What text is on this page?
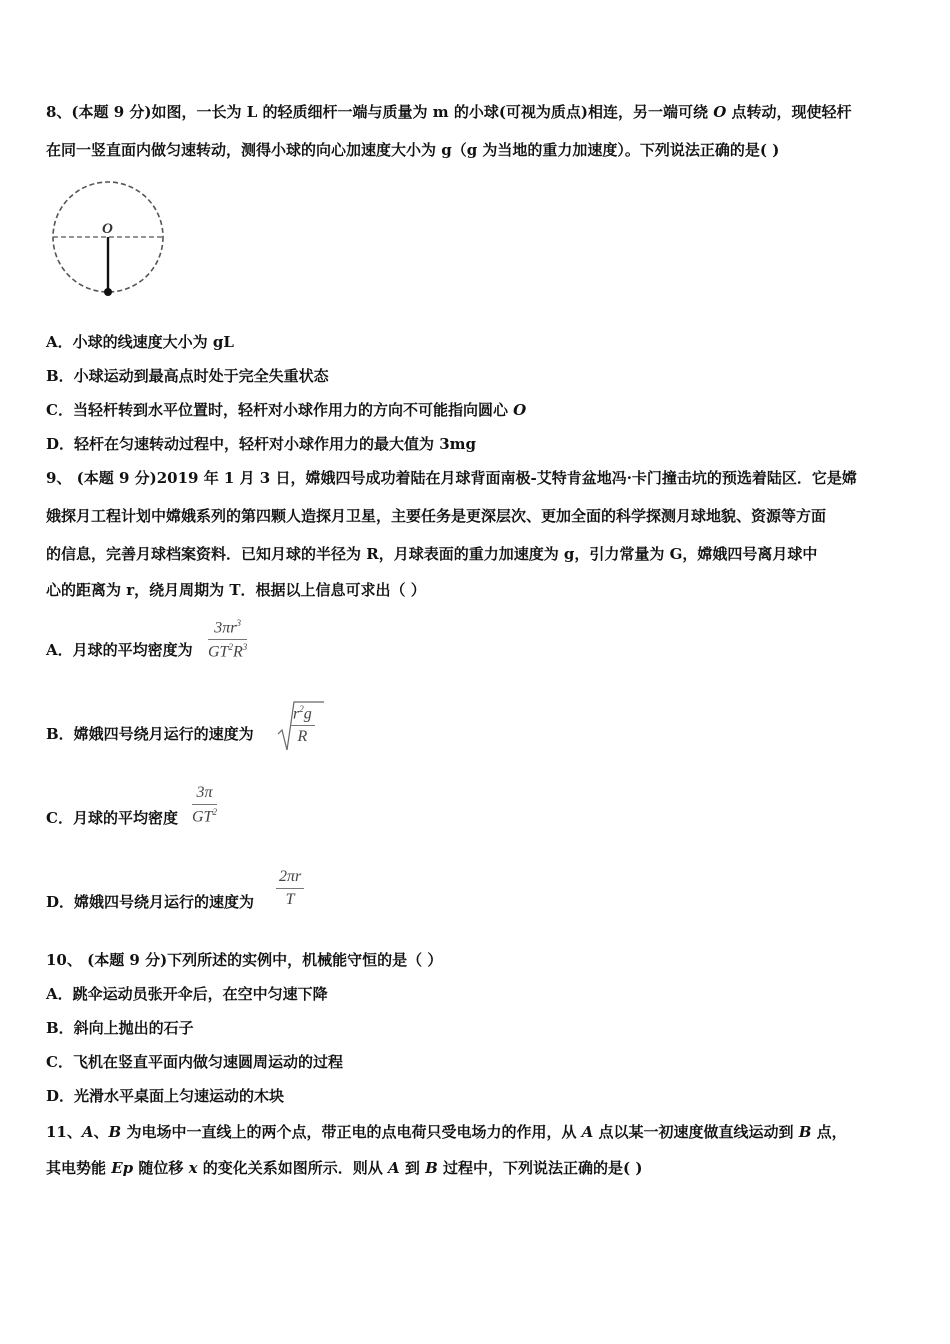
8、(本题 9 分)如图，一长为 L 的轻质细杆一端与质量为 m 的小球(可视为质点)相连，另一端可绕 O 点转动，现使轻杆
在同一竖直面内做匀速转动，测得小球的向心加速度大小为 g（g 为当地的重力加速度）。下列说法正确的是( )
O
A．小球的线速度大小为 gL
B．小球运动到最高点时处于完全失重状态
C．当轻杆转到水平位置时，轻杆对小球作用力的方向不可能指向圆心 O
D．轻杆在匀速转动过程中，轻杆对小球作用力的最大值为 3mg
9、 (本题 9 分)2019 年 1 月 3 日，嫦娥四号成功着陆在月球背面南极-艾特肯盆地冯·卡门撞击坑的预选着陆区．它是嫦
娥探月工程计划中嫦娥系列的第四颗人造探月卫星，主要任务是更深层次、更加全面的科学探测月球地貌、资源等方面
的信息，完善月球档案资料．已知月球的半径为 R，月球表面的重力加速度为 g，引力常量为 G，嫦娥四号离月球中
心的距离为 r，绕月周期为 T．根据以上信息可求出（ ）
A．月球的平均密度为 $\frac{3\pi r^3}{GT^2R^3}$
B．嫦娥四号绕月运行的速度为 $\frac{r^2g}{R}$
C．月球的平均密度 $\frac{3\pi}{GT^2}$
D．嫦娥四号绕月运行的速度为 $\frac{2\pi r}{T}$
10、 (本题 9 分)下列所述的实例中，机械能守恒的是（ ）
A．跳伞运动员张开伞后，在空中匀速下降
B．斜向上抛出的石子
C．飞机在竖直平面内做匀速圆周运动的过程
D．光滑水平桌面上匀速运动的木块
11、A、B 为电场中一直线上的两个点，带正电的点电荷只受电场力的作用，从 A 点以某一初速度做直线运动到 B 点，
其电势能 Ep 随位移 x 的变化关系如图所示．则从 A 到 B 过程中，下列说法正确的是( )
